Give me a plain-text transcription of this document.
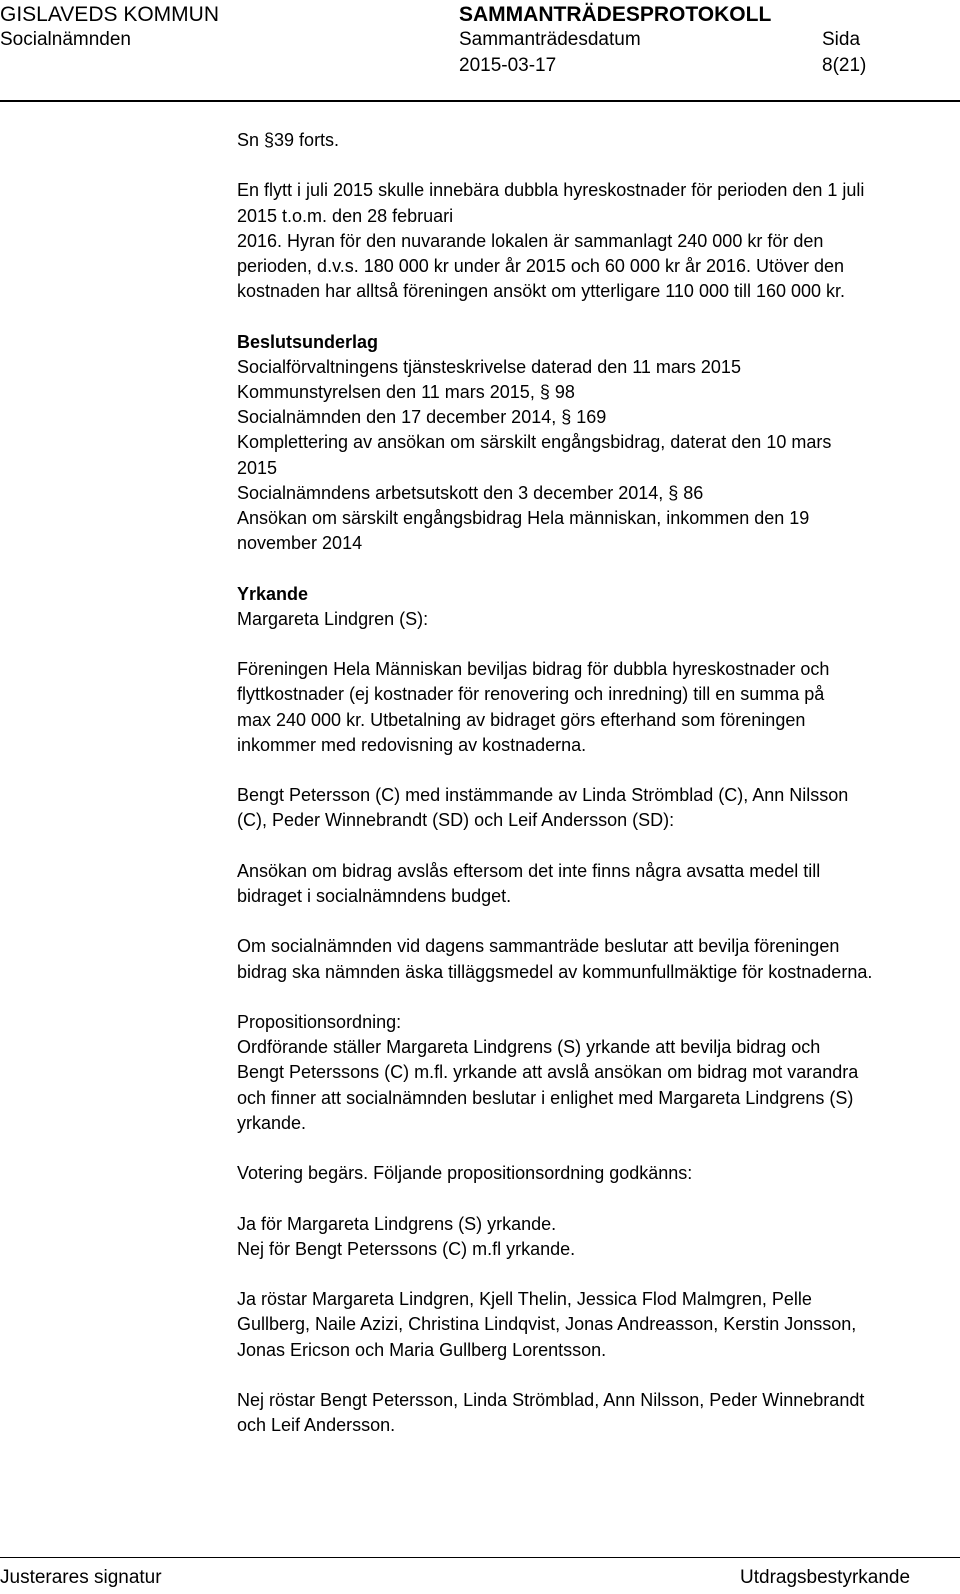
GISLAVEDS KOMMUN	SAMMANTRÄDESPROTOKOLL
Socialnämnden	Sammanträdesdatum	Sida
2015-03-17	8(21)

Sn §39 forts.

En flytt i juli 2015 skulle innebära dubbla hyreskostnader för perioden den 1 juli

2015 t.o.m. den 28 februari

2016. Hyran för den nuvarande lokalen är sammanlagt 240 000 kr för den

perioden, d.v.s. 180 000 kr under år 2015 och 60 000 kr år 2016. Utöver den

kostnaden har alltså föreningen ansökt om ytterligare 110 000 till 160 000 kr.

Beslutsunderlag

Socialförvaltningens tjänsteskrivelse daterad den 11 mars 2015

Kommunstyrelsen den 11 mars 2015, § 98

Socialnämnden den 17 december 2014, § 169

Komplettering av ansökan om särskilt engångsbidrag, daterat den 10 mars

2015

Socialnämndens arbetsutskott den 3 december 2014, § 86

Ansökan om särskilt engångsbidrag Hela människan, inkommen den 19

november 2014

Yrkande

Margareta Lindgren (S):

Föreningen Hela Människan beviljas bidrag för dubbla hyreskostnader och

flyttkostnader (ej kostnader för renovering och inredning) till en summa på

max 240 000 kr. Utbetalning av bidraget görs efterhand som föreningen

inkommer med redovisning av kostnaderna.

Bengt Petersson (C) med instämmande av Linda Strömblad (C), Ann Nilsson

(C), Peder Winnebrandt (SD) och Leif Andersson (SD):

Ansökan om bidrag avslås eftersom det inte finns några avsatta medel till

bidraget i socialnämndens budget.

Om socialnämnden vid dagens sammanträde beslutar att bevilja föreningen

bidrag ska nämnden äska tilläggsmedel av kommunfullmäktige för kostnaderna.

Propositionsordning:

Ordförande ställer Margareta Lindgrens (S) yrkande att bevilja bidrag och

Bengt Peterssons (C) m.fl. yrkande att avslå ansökan om bidrag mot varandra

och finner att socialnämnden beslutar i enlighet med Margareta Lindgrens (S)

yrkande.

Votering begärs. Följande propositionsordning godkänns:

Ja för Margareta Lindgrens (S) yrkande.

Nej för Bengt Peterssons (C) m.fl yrkande.

Ja röstar Margareta Lindgren, Kjell Thelin, Jessica Flod Malmgren, Pelle

Gullberg, Naile Azizi, Christina Lindqvist, Jonas Andreasson, Kerstin Jonsson,

Jonas Ericson och Maria Gullberg Lorentsson.

Nej röstar Bengt Petersson, Linda Strömblad, Ann Nilsson, Peder Winnebrandt

och Leif Andersson.

Justerares signatur	Utdragsbestyrkande
